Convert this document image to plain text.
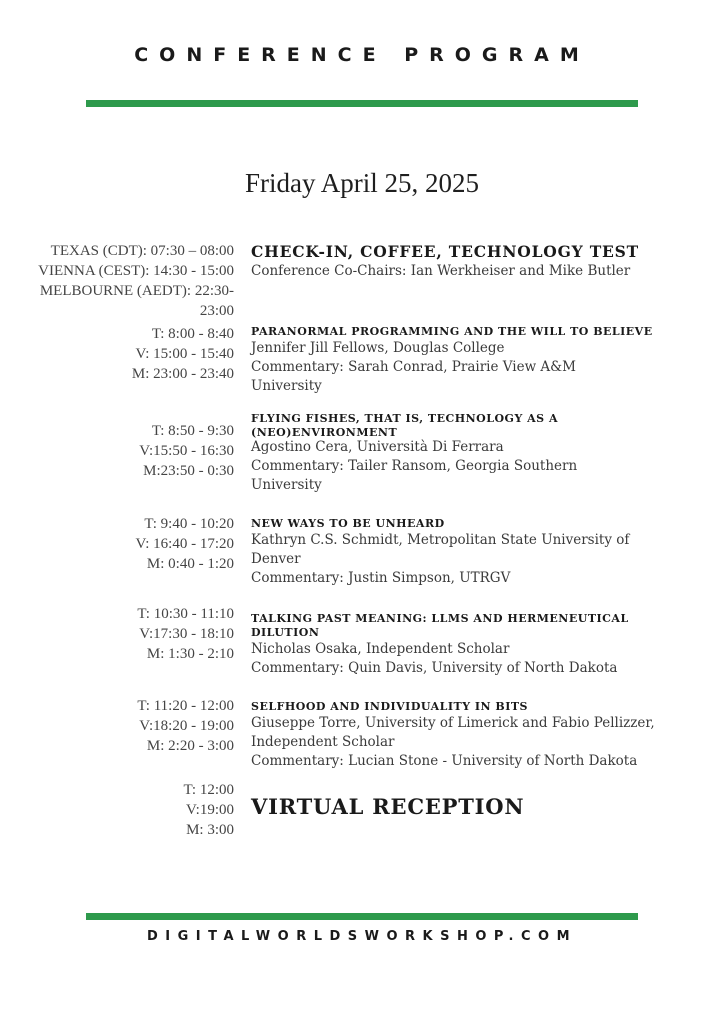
CONFERENCE PROGRAM
Friday April 25, 2025
TEXAS (CDT): 07:30 – 08:00
VIENNA (CEST): 14:30 - 15:00
MELBOURNE (AEDT): 22:30-
23:00
CHECK-IN, COFFEE, TECHNOLOGY TEST
Conference Co-Chairs: Ian Werkheiser and Mike Butler
T: 8:00 - 8:40
V: 15:00 - 15:40
M: 23:00 - 23:40
PARANORMAL PROGRAMMING AND THE WILL TO BELIEVE
Jennifer Jill Fellows, Douglas College
Commentary: Sarah Conrad, Prairie View A&M
University
T: 8:50 - 9:30
V:15:50 - 16:30
M:23:50 - 0:30
FLYING FISHES, THAT IS, TECHNOLOGY AS A
(NEO)ENVIRONMENT
Agostino Cera, Università Di Ferrara
Commentary: Tailer Ransom, Georgia Southern
University
T: 9:40 - 10:20
V: 16:40 - 17:20
M: 0:40 - 1:20
NEW WAYS TO BE UNHEARD
Kathryn C.S. Schmidt, Metropolitan State University of
Denver
Commentary: Justin Simpson, UTRGV
T: 10:30 - 11:10
V:17:30 - 18:10
M: 1:30 - 2:10
TALKING PAST MEANING: LLMS AND HERMENEUTICAL DILUTION
Nicholas Osaka, Independent Scholar
Commentary: Quin Davis, University of North Dakota
T: 11:20 - 12:00
V:18:20 - 19:00
M: 2:20 - 3:00
SELFHOOD AND INDIVIDUALITY IN BITS
Giuseppe Torre, University of Limerick and Fabio Pellizzer,
Independent Scholar
Commentary: Lucian Stone - University of North Dakota
T: 12:00
V:19:00
M: 3:00
VIRTUAL RECEPTION
DIGITALWORLDSWORKSHOP.COM
